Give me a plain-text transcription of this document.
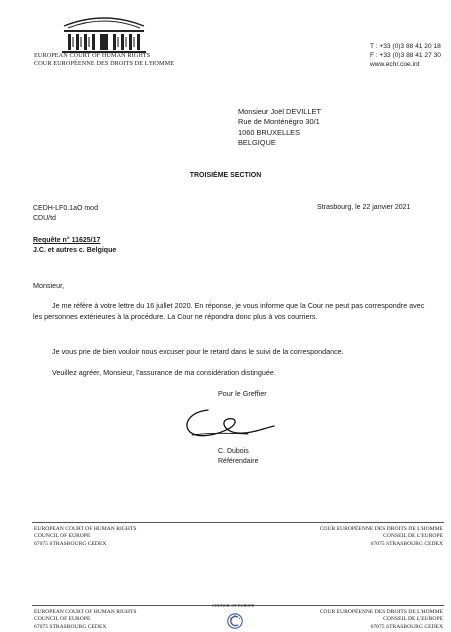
EUROPEAN COURT OF HUMAN RIGHTS
COUR EUROPÉENNE DES DROITS DE L'HOMME
T : +33 (0)3 88 41 20 18
F : +33 (0)3 88 41 27 30
www.echr.coe.int
Monsieur Joël DEVILLET
Rue de Monténégro 30/1
1060 BRUXELLES
BELGIQUE
TROISIÈME SECTION
CEDH-LF0.1aO mod
CDU/td
Strasbourg, le 22 janvier 2021
Requête n° 11625/17
J.C. et autres c. Belgique
Monsieur,

Je me réfère à votre lettre du 16 juillet 2020. En réponse, je vous informe que la Cour ne peut pas correspondre avec les personnes extérieures à la procédure. La Cour ne répondra donc plus à vos courriers.

Je vous prie de bien vouloir nous excuser pour le retard dans le suivi de la correspondance.

Veuillez agréer, Monsieur, l'assurance de ma considération distinguée.

Pour le Greffier
C. Dubois
Référendaire
EUROPEAN COURT OF HUMAN RIGHTS
COUNCIL OF EUROPE
67075 STRASBOURG CEDEX
COUR EUROPÉENNE DES DROITS DE L'HOMME
CONSEIL DE L'EUROPE
67075 STRASBOURG CEDEX
EUROPEAN COURT OF HUMAN RIGHTS
COUNCIL OF EUROPE
67075 STRASBOURG CEDEX
COUNCIL OF EUROPE
COUR EUROPÉENNE DES DROITS DE L'HOMME
CONSEIL DE L'EUROPE
67075 STRASBOURG CEDEX
